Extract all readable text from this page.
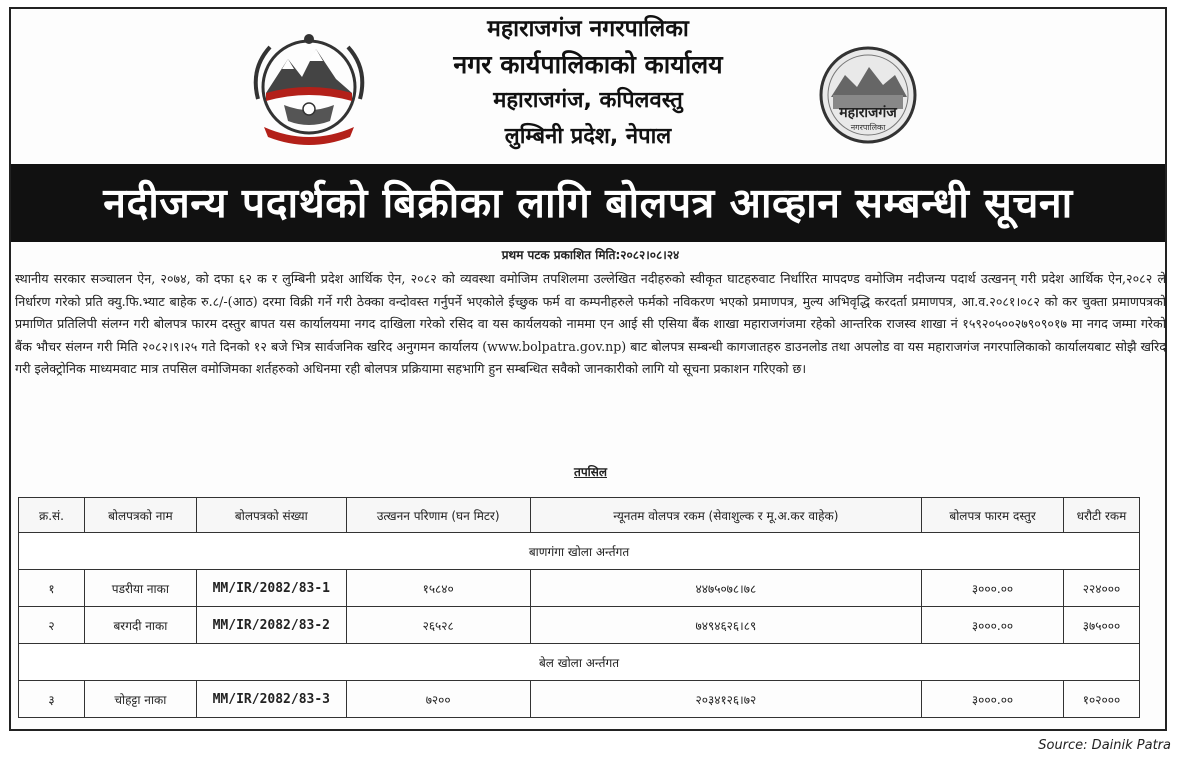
महाराजगंज नगरपालिका
नगर कार्यपालिकाको कार्यालय
महाराजगंज, कपिलवस्तु
लुम्बिनी प्रदेश, नेपाल
महाराजगंज
नगरपालिका
नदीजन्य पदार्थको बिक्रीका लागि बोलपत्र आव्हान सम्बन्धी सूचना
प्रथम पटक प्रकाशित मिति:२०८२।०८।२४

स्थानीय सरकार सञ्चालन ऐन, २०७४, को दफा ६२ क र लुम्बिनी प्रदेश आर्थिक ऐन, २०८२ को व्यवस्था वमोजिम तपशिलमा उल्लेखित नदीहरुको स्वीकृत घाटहरुवाट निर्धारित मापदण्ड वमोजिम नदीजन्य पदार्थ उत्खनन् गरी प्रदेश आर्थिक ऐन,२०८२ ले निर्धारण गरेको प्रति क्यु.फि.भ्याट बाहेक रु.८/-(आठ) दरमा विक्री गर्ने गरी ठेक्का वन्दोवस्त गर्नुपर्ने भएकोले ईच्छुक फर्म वा कम्पनीहरुले फर्मको नविकरण भएको प्रमाणपत्र, मुल्य अभिवृद्धि करदर्ता प्रमाणपत्र, आ.व.२०८१।०८२ को कर चुक्ता प्रमाणपत्रको प्रमाणित प्रतिलिपी संलग्न गरी बोलपत्र फारम दस्तुर बापत यस कार्यालयमा नगद दाखिला गरेको रसिद वा यस कार्यलयको नाममा एन आई सी एसिया बैंक शाखा महाराजगंजमा रहेको आन्तरिक राजस्व शाखा नं १५९२०५००२७९०९०१७ मा नगद जम्मा गरेको बैंक भौचर संलग्न गरी मिति २०८२।९।२५ गते दिनको १२ बजे भित्र सार्वजनिक खरिद अनुगमन कार्यालय (www.bolpatra.gov.np) बाट बोलपत्र सम्बन्धी कागजातहरु डाउनलोड तथा अपलोड वा यस महाराजगंज नगरपालिकाको कार्यालयबाट सोझै खरिद गरी इलेक्ट्रोनिक माध्यमवाट मात्र तपसिल वमोजिमका शर्तहरुको अधिनमा रही बोलपत्र प्रक्रियामा सहभागि हुन सम्बन्धित सवैको जानकारीको लागि यो सूचना प्रकाशन गरिएको छ।

तपसिल
क्र.सं.	बोलपत्रको नाम	बोलपत्रको संख्या	उत्खनन परिणाम (घन मिटर)	न्यूनतम वोलपत्र रकम (सेवाशुल्क र मू.अ.कर वाहेक)	बोलपत्र फारम दस्तुर	धरौटी रकम
बाणगंगा खोला अर्न्तगत						
१	पडरीया नाका	MM/IR/2082/83-1	१५८४०	४४७५०७८।७८	३०००.००	२२४०००
२	बरगदी नाका	MM/IR/2082/83-2	२६५२८	७४९४६२६।८९	३०००.००	३७५०००
बेल खोला अर्न्तगत						
३	चोहट्टा नाका	MM/IR/2082/83-3	७२००	२०३४१२६।७२	३०००.००	१०२०००
Source: Dainik Patra
